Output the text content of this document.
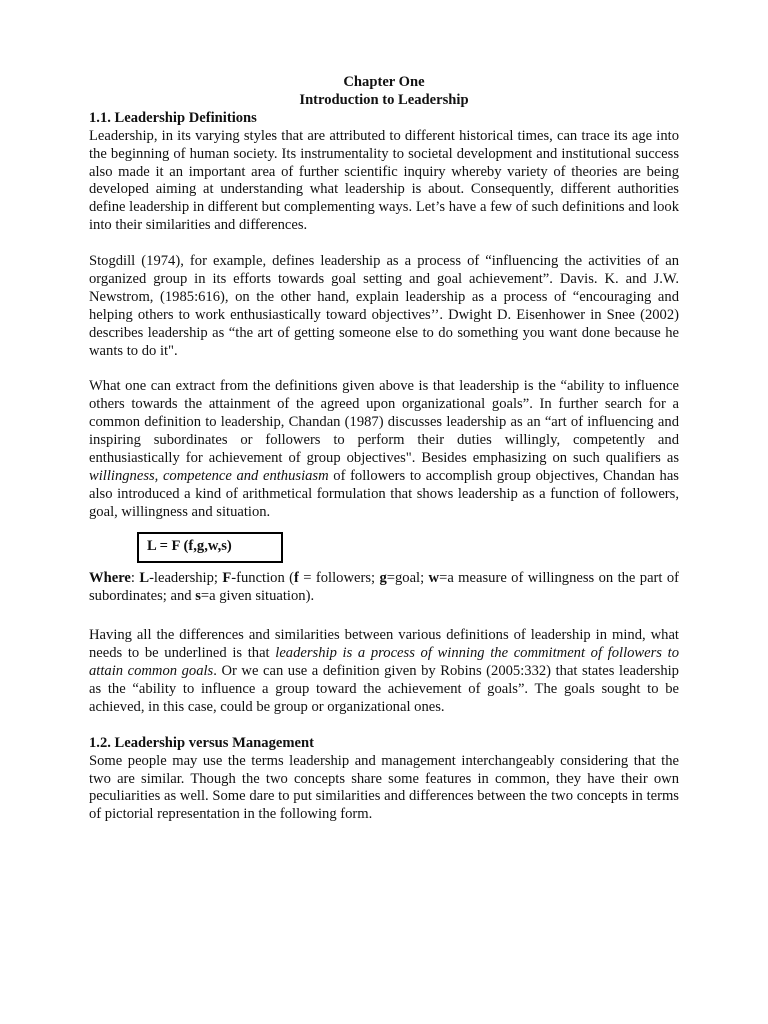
Chapter One

Introduction to Leadership

1.1. Leadership Definitions

Leadership, in its varying styles that are attributed to different historical times, can trace its age into the beginning of human society. Its instrumentality to societal development and institutional success also made it an important area of further scientific inquiry whereby variety of theories are being developed aiming at understanding what leadership is about. Consequently, different authorities define leadership in different but complementing ways. Let’s have a few of such definitions and look into their similarities and differences.

Stogdill (1974), for example, defines leadership as a process of “influencing the activities of an organized group in its efforts towards goal setting and goal achievement”. Davis. K. and J.W. Newstrom, (1985:616), on the other hand, explain leadership as a process of “encouraging and helping others to work enthusiastically toward objectives’’. Dwight D. Eisenhower in Snee (2002) describes leadership as “the art of getting someone else to do something you want done because he wants to do it".

What one can extract from the definitions given above is that leadership is the “ability to influence others towards the attainment of the agreed upon organizational goals”. In further search for a common definition to leadership, Chandan (1987) discusses leadership as an “art of influencing and inspiring subordinates or followers to perform their duties willingly, competently and enthusiastically for achievement of group objectives". Besides emphasizing on such qualifiers as willingness, competence and enthusiasm of followers to accomplish group objectives, Chandan has also introduced a kind of arithmetical formulation that shows leadership as a function of followers, goal, willingness and situation.

L = F (f,g,w,s)

Where: L-leadership; F-function (f = followers; g=goal; w=a measure of willingness on the part of subordinates; and s=a given situation).

Having all the differences and similarities between various definitions of leadership in mind, what needs to be underlined is that leadership is a process of winning the commitment of followers to attain common goals. Or we can use a definition given by Robins (2005:332) that states leadership as the “ability to influence a group toward the achievement of goals”. The goals sought to be achieved, in this case, could be group or organizational ones.

1.2. Leadership versus Management

Some people may use the terms leadership and management interchangeably considering that the two are similar. Though the two concepts share some features in common, they have their own peculiarities as well. Some dare to put similarities and differences between the two concepts in terms of pictorial representation in the following form.
